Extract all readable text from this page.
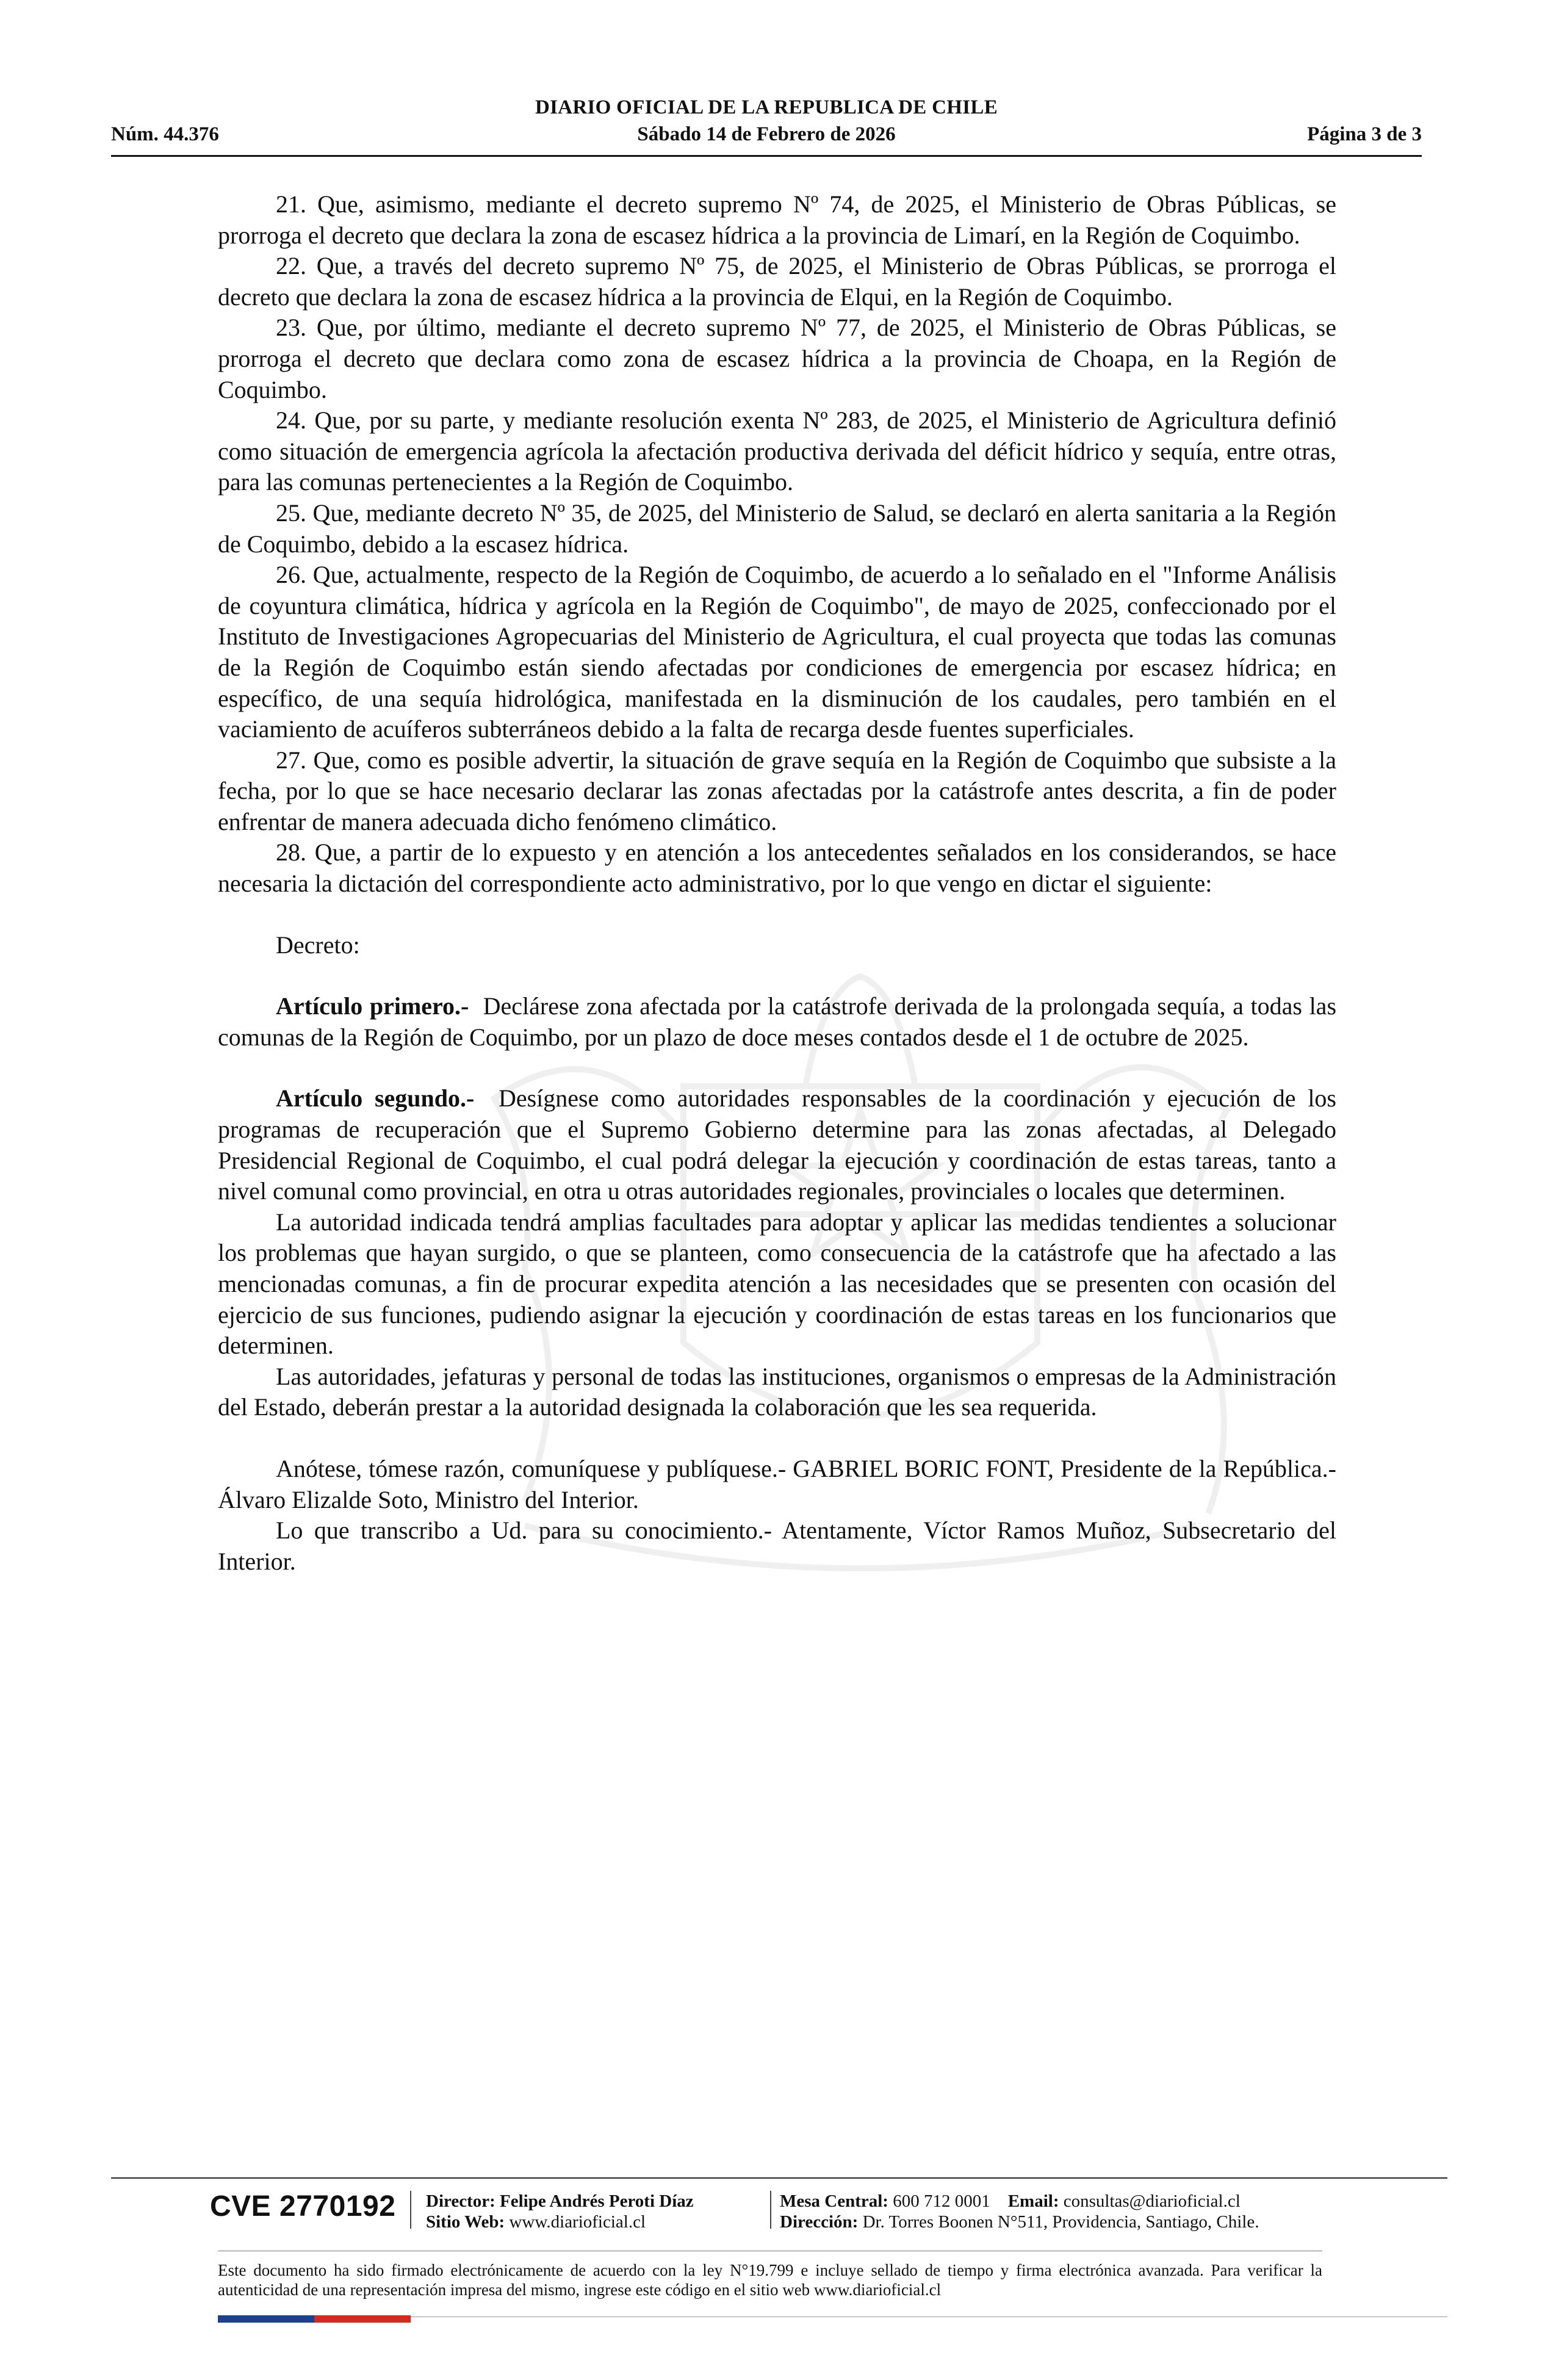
DIARIO OFICIAL DE LA REPUBLICA DE CHILE
Núm. 44.376	Sábado 14 de Febrero de 2026	Página 3 de 3

21. Que, asimismo, mediante el decreto supremo Nº 74, de 2025, el Ministerio de Obras Públicas, se prorroga el decreto que declara la zona de escasez hídrica a la provincia de Limarí, en la Región de Coquimbo.

22. Que, a través del decreto supremo Nº 75, de 2025, el Ministerio de Obras Públicas, se prorroga el decreto que declara la zona de escasez hídrica a la provincia de Elqui, en la Región de Coquimbo.

23. Que, por último, mediante el decreto supremo Nº 77, de 2025, el Ministerio de Obras Públicas, se prorroga el decreto que declara como zona de escasez hídrica a la provincia de Choapa, en la Región de Coquimbo.

24. Que, por su parte, y mediante resolución exenta Nº 283, de 2025, el Ministerio de Agricultura definió como situación de emergencia agrícola la afectación productiva derivada del déficit hídrico y sequía, entre otras, para las comunas pertenecientes a la Región de Coquimbo.

25. Que, mediante decreto Nº 35, de 2025, del Ministerio de Salud, se declaró en alerta sanitaria a la Región de Coquimbo, debido a la escasez hídrica.

26. Que, actualmente, respecto de la Región de Coquimbo, de acuerdo a lo señalado en el "Informe Análisis de coyuntura climática, hídrica y agrícola en la Región de Coquimbo", de mayo de 2025, confeccionado por el Instituto de Investigaciones Agropecuarias del Ministerio de Agricultura, el cual proyecta que todas las comunas de la Región de Coquimbo están siendo afectadas por condiciones de emergencia por escasez hídrica; en específico, de una sequía hidrológica, manifestada en la disminución de los caudales, pero también en el vaciamiento de acuíferos subterráneos debido a la falta de recarga desde fuentes superficiales.

27. Que, como es posible advertir, la situación de grave sequía en la Región de Coquimbo que subsiste a la fecha, por lo que se hace necesario declarar las zonas afectadas por la catástrofe antes descrita, a fin de poder enfrentar de manera adecuada dicho fenómeno climático.

28. Que, a partir de lo expuesto y en atención a los antecedentes señalados en los considerandos, se hace necesaria la dictación del correspondiente acto administrativo, por lo que vengo en dictar el siguiente:

Decreto:

Artículo primero.- Declárese zona afectada por la catástrofe derivada de la prolongada sequía, a todas las comunas de la Región de Coquimbo, por un plazo de doce meses contados desde el 1 de octubre de 2025.

Artículo segundo.- Desígnese como autoridades responsables de la coordinación y ejecución de los programas de recuperación que el Supremo Gobierno determine para las zonas afectadas, al Delegado Presidencial Regional de Coquimbo, el cual podrá delegar la ejecución y coordinación de estas tareas, tanto a nivel comunal como provincial, en otra u otras autoridades regionales, provinciales o locales que determinen.

La autoridad indicada tendrá amplias facultades para adoptar y aplicar las medidas tendientes a solucionar los problemas que hayan surgido, o que se planteen, como consecuencia de la catástrofe que ha afectado a las mencionadas comunas, a fin de procurar expedita atención a las necesidades que se presenten con ocasión del ejercicio de sus funciones, pudiendo asignar la ejecución y coordinación de estas tareas en los funcionarios que determinen.

Las autoridades, jefaturas y personal de todas las instituciones, organismos o empresas de la Administración del Estado, deberán prestar a la autoridad designada la colaboración que les sea requerida.

Anótese, tómese razón, comuníquese y publíquese.- GABRIEL BORIC FONT, Presidente de la República.- Álvaro Elizalde Soto, Ministro del Interior.

Lo que transcribo a Ud. para su conocimiento.- Atentamente, Víctor Ramos Muñoz, Subsecretario del Interior.

CVE 2770192 Director: Felipe Andrés Peroti Díaz
Sitio Web: www.diarioficial.cl
Mesa Central: 600 712 0001 Email: consultas@diarioficial.cl
Dirección: Dr. Torres Boonen N°511, Providencia, Santiago, Chile.
Este documento ha sido firmado electrónicamente de acuerdo con la ley N°19.799 e incluye sellado de tiempo y firma electrónica avanzada. Para verificar la autenticidad de una representación impresa del mismo, ingrese este código en el sitio web www.diarioficial.cl
